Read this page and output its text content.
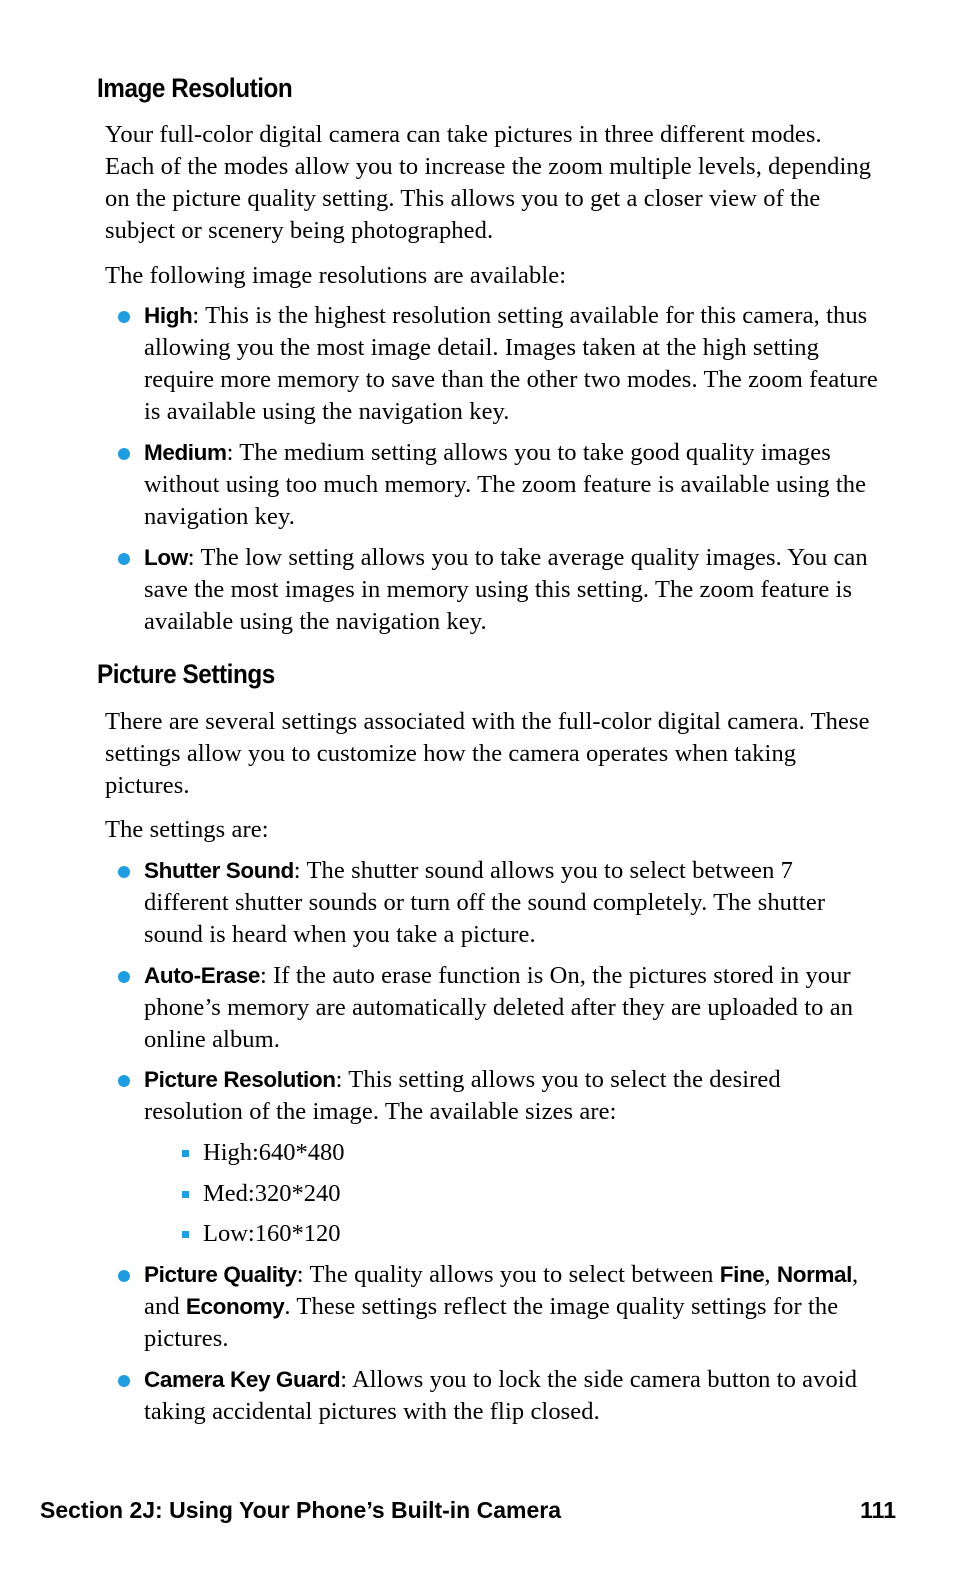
Image Resolution

Your full-color digital camera can take pictures in three different modes. Each of the modes allow you to increase the zoom multiple levels, depending on the picture quality setting. This allows you to get a closer view of the subject or scenery being photographed.

The following image resolutions are available:

High: This is the highest resolution setting available for this camera, thus allowing you the most image detail. Images taken at the high setting require more memory to save than the other two modes. The zoom feature is available using the navigation key.

Medium: The medium setting allows you to take good quality images without using too much memory. The zoom feature is available using the navigation key.

Low: The low setting allows you to take average quality images. You can save the most images in memory using this setting. The zoom feature is available using the navigation key.

Picture Settings

There are several settings associated with the full-color digital camera. These settings allow you to customize how the camera operates when taking pictures.

The settings are:

Shutter Sound: The shutter sound allows you to select between 7 different shutter sounds or turn off the sound completely. The shutter sound is heard when you take a picture.

Auto-Erase: If the auto erase function is On, the pictures stored in your phone’s memory are automatically deleted after they are uploaded to an online album.

Picture Resolution: This setting allows you to select the desired resolution of the image. The available sizes are:

High:640*480

Med:320*240

Low:160*120

Picture Quality: The quality allows you to select between Fine, Normal, and Economy. These settings reflect the image quality settings for the pictures.

Camera Key Guard: Allows you to lock the side camera button to avoid taking accidental pictures with the flip closed.

Section 2J: Using Your Phone’s Built-in Camera	111
